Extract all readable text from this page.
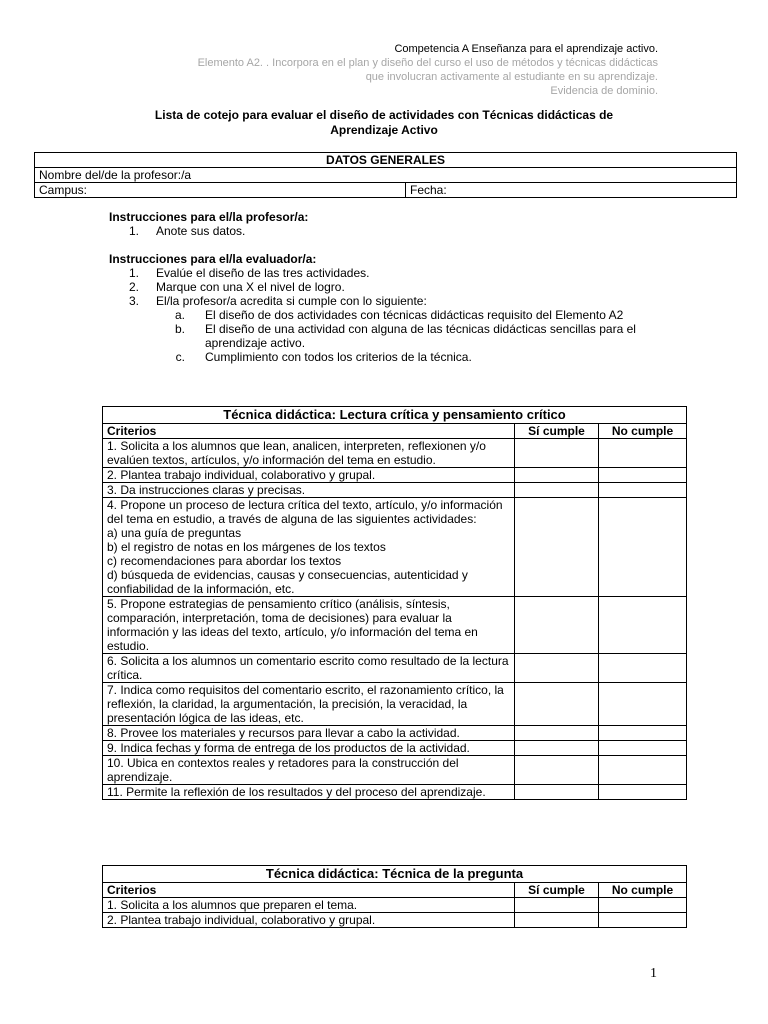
Competencia A Enseñanza para el aprendizaje activo.
Elemento A2. . Incorpora en el plan y diseño del curso el uso de métodos y técnicas didácticas
que involucran activamente al estudiante en su aprendizaje.
Evidencia de dominio.
Lista de cotejo para evaluar el diseño de actividades con Técnicas didácticas de
Aprendizaje Activo
DATOS GENERALES
Nombre del/de la profesor:/a
Campus:	Fecha:
Instrucciones para el/la profesor/a:
1.	Anote sus datos.
Instrucciones para el/la evaluador/a:
1.	Evalúe el diseño de las tres actividades.
2.	Marque con una X el nivel de logro.
3.	El/la profesor/a acredita si cumple con lo siguiente:
a.	El diseño de dos actividades con técnicas didácticas requisito del Elemento A2
b.	El diseño de una actividad con alguna de las técnicas didácticas sencillas para el aprendizaje activo.
c.	Cumplimiento con todos los criterios de la técnica.
Técnica didáctica: Lectura crítica y pensamiento crítico		
Criterios	Sí cumple	No cumple
1. Solicita a los alumnos que lean, analicen, interpreten, reflexionen y/o evalúen textos, artículos, y/o información del tema en estudio.		
2. Plantea trabajo individual, colaborativo y grupal.		
3. Da instrucciones claras y precisas.		
4. Propone un proceso de lectura crítica del texto, artículo, y/o información del tema en estudio, a través de alguna de las siguientes actividades:
a) una guía de preguntas
b) el registro de notas en los márgenes de los textos
c) recomendaciones para abordar los textos
d) búsqueda de evidencias, causas y consecuencias, autenticidad y confiabilidad de la información, etc.		
5. Propone estrategias de pensamiento crítico (análisis, síntesis, comparación, interpretación, toma de decisiones) para evaluar la información y las ideas del texto, artículo, y/o información del tema en estudio.		
6. Solicita a los alumnos un comentario escrito como resultado de la lectura crítica.		
7. Indica como requisitos del comentario escrito, el razonamiento crítico, la reflexión, la claridad, la argumentación, la precisión, la veracidad, la presentación lógica de las ideas, etc.		
8. Provee los materiales y recursos para llevar a cabo la actividad.		
9. Indica fechas y forma de entrega de los productos de la actividad.		
10. Ubica en contextos reales y retadores para la construcción del aprendizaje.		
11. Permite la reflexión de los resultados y del proceso del aprendizaje.		
Técnica didáctica: Técnica de la pregunta		
Criterios	Sí cumple	No cumple
1. Solicita a los alumnos que preparen el tema.		
2. Plantea trabajo individual, colaborativo y grupal.		
1
